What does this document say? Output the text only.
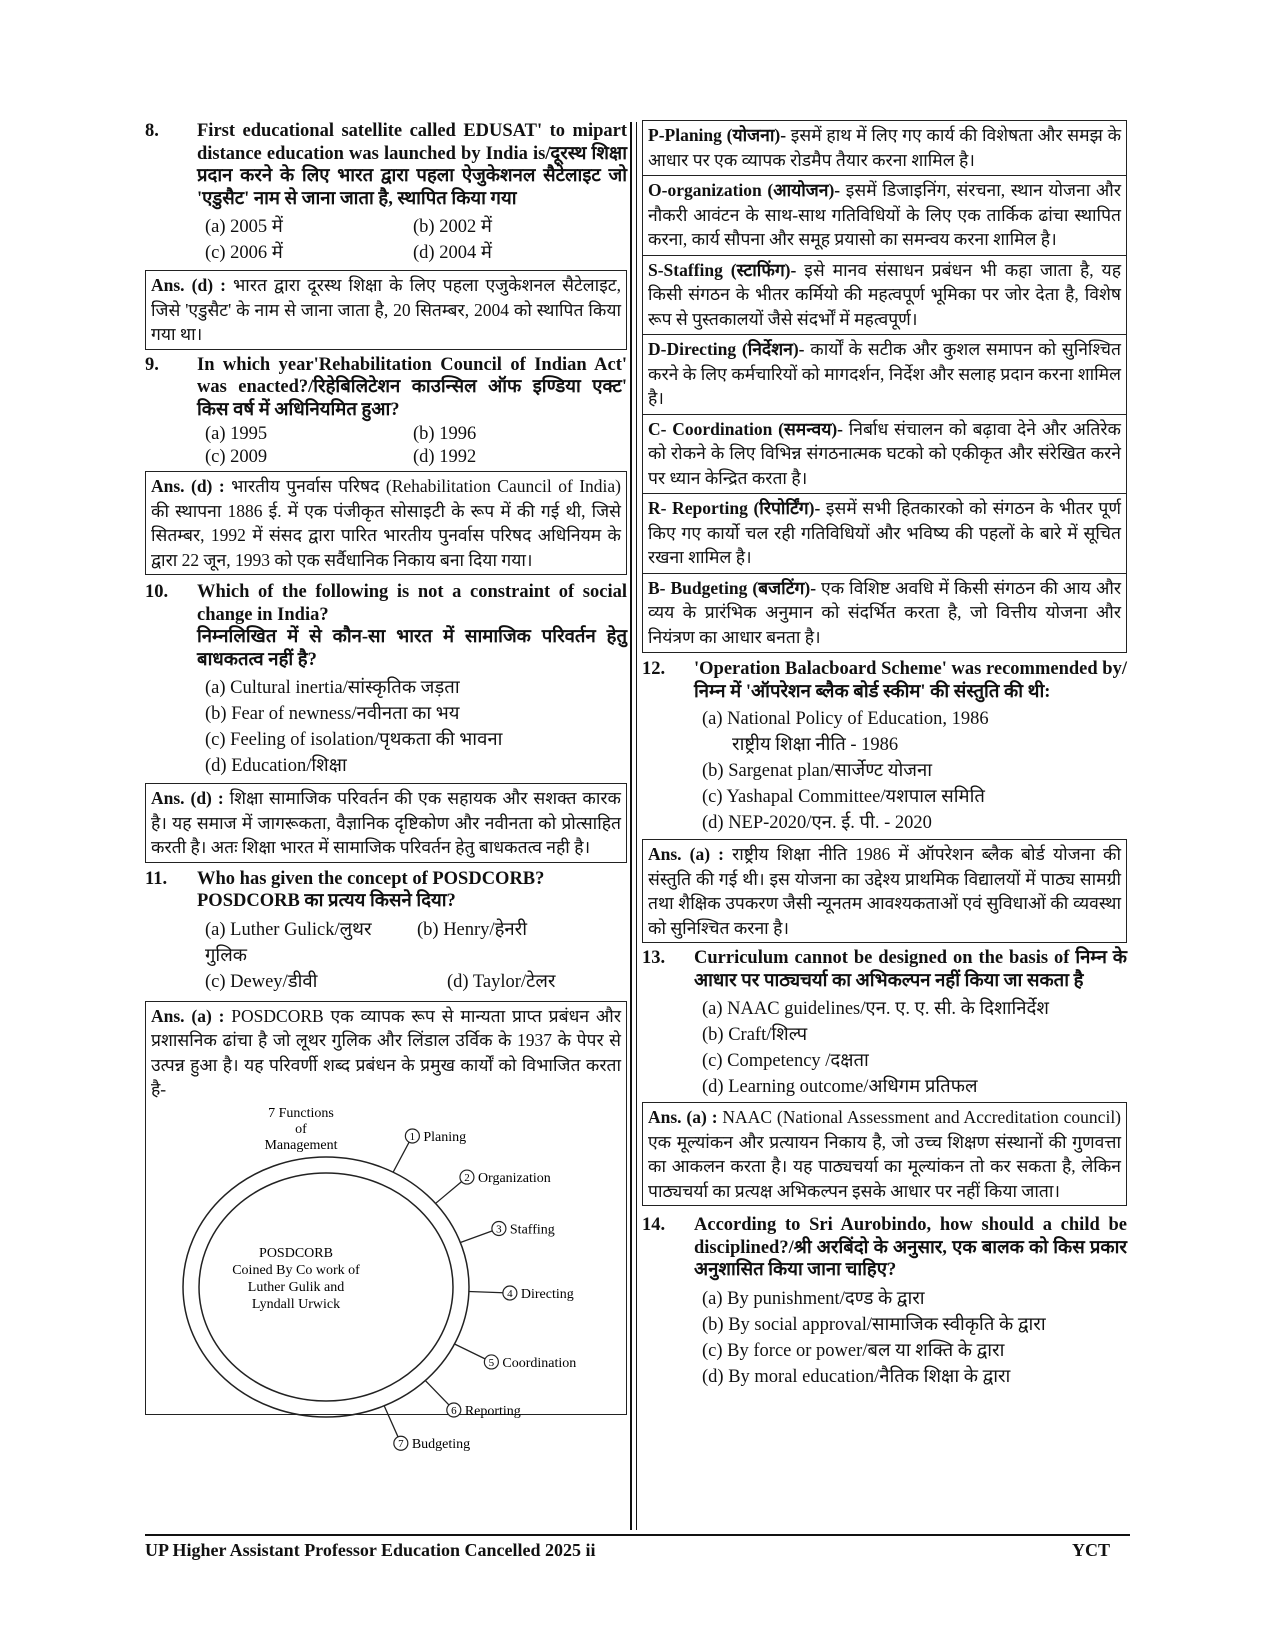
8.	First educational satellite called EDUSAT' to mipart distance education was launched by India is/दूरस्थ शिक्षा प्रदान करने के लिए भारत द्वारा पहला ऐजुकेशनल सैटेलाइट जो 'एडुसैट' नाम से जाना जाता है, स्थापित किया गया
(a) 2005 में	(b) 2002 में
(c) 2006 में	(d) 2004 में
Ans. (d) : भारत द्वारा दूरस्थ शिक्षा के लिए पहला एजुकेशनल सैटेलाइट, जिसे 'एडुसैट' के नाम से जाना जाता है, 20 सितम्बर, 2004 को स्थापित किया गया था।
9.	In which year'Rehabilitation Council of Indian Act' was enacted?/रिहेबिलिटेशन काउन्सिल ऑफ इण्डिया एक्ट' किस वर्ष में अधिनियमित हुआ?
(a) 1995	(b) 1996
(c) 2009	(d) 1992
Ans. (d) : भारतीय पुनर्वास परिषद (Rehabilitation Cauncil of India) की स्थापना 1886 ई. में एक पंजीकृत सोसाइटी के रूप में की गई थी, जिसे सितम्बर, 1992 में संसद द्वारा पारित भारतीय पुनर्वास परिषद अधिनियम के द्वारा 22 जून, 1993 को एक सर्वैधानिक निकाय बना दिया गया।
10.	Which of the following is not a constraint of social change in India?
निम्नलिखित में से कौन-सा भारत में सामाजिक परिवर्तन हेतु बाधकतत्व नहीं है?
(a) Cultural inertia/सांस्कृतिक जड़ता
(b) Fear of newness/नवीनता का भय
(c) Feeling of isolation/पृथकता की भावना
(d) Education/शिक्षा
Ans. (d) : शिक्षा सामाजिक परिवर्तन की एक सहायक और सशक्त कारक है। यह समाज में जागरूकता, वैज्ञानिक दृष्टिकोण और नवीनता को प्रोत्साहित करती है। अतः शिक्षा भारत में सामाजिक परिवर्तन हेतु बाधकतत्व नही है।
11.	Who has given the concept of POSDCORB?
POSDCORB का प्रत्यय किसने दिया?
(a) Luther Gulick/लुथर गुलिक
(b) Henry/हेनरी
(c) Dewey/डीवी	(d) Taylor/टेलर
Ans. (a) : POSDCORB एक व्यापक रूप से मान्यता प्राप्त प्रबंधन और प्रशासनिक ढांचा है जो लूथर गुलिक और लिंडाल उर्विक के 1937 के पेपर से उत्पन्न हुआ है। यह परिवर्णी शब्द प्रबंधन के प्रमुख कार्यों को विभाजित करता है-
7 Functions
of
Management
POSDCORB
Coined By Co work of
Luther Gulik and
Lyndall Urwick
1 Planing
2 Organization
3 Staffing
4 Directing
5 Coordination
6 Reporting
7 Budgeting
P-Planing (योजना)- इसमें हाथ में लिए गए कार्य की विशेषता और समझ के आधार पर एक व्यापक रोडमैप तैयार करना शामिल है।
O-organization (आयोजन)- इसमें डिजाइनिंग, संरचना, स्थान योजना और नौकरी आवंटन के साथ-साथ गतिविधियों के लिए एक तार्किक ढांचा स्थापित करना, कार्य सौपना और समूह प्रयासो का समन्वय करना शामिल है।
S-Staffing (स्टाफिंग)- इसे मानव संसाधन प्रबंधन भी कहा जाता है, यह किसी संगठन के भीतर कर्मियो की महत्वपूर्ण भूमिका पर जोर देता है, विशेष रूप से पुस्तकालयों जैसे संदर्भों में महत्वपूर्ण।
D-Directing (निर्देशन)- कार्यों के सटीक और कुशल समापन को सुनिश्चित करने के लिए कर्मचारियों को मागदर्शन, निर्देश और सलाह प्रदान करना शामिल है।
C- Coordination (समन्वय)- निर्बाध संचालन को बढ़ावा देने और अतिरेक को रोकने के लिए विभिन्न संगठनात्मक घटको को एकीकृत और संरेखित करने पर ध्यान केन्द्रित करता है।
R- Reporting (रिपोर्टिंग)- इसमें सभी हितकारको को संगठन के भीतर पूर्ण किए गए कार्यो चल रही गतिविधियों और भविष्य की पहलों के बारे में सूचित रखना शामिल है।
B- Budgeting (बजटिंग)- एक विशिष्ट अवधि में किसी संगठन की आय और व्यय के प्रारंभिक अनुमान को संदर्भित करता है, जो वित्तीय योजना और नियंत्रण का आधार बनता है।
12.	'Operation Balacboard Scheme' was recommended by/निम्न में 'ऑपरेशन ब्लैक बोर्ड स्कीम' की संस्तुति की थी:
(a) National Policy of Education, 1986
राष्ट्रीय शिक्षा नीति - 1986
(b) Sargenat plan/सार्जेण्ट योजना
(c) Yashapal Committee/यशपाल समिति
(d) NEP-2020/एन. ई. पी. - 2020
Ans. (a) : राष्ट्रीय शिक्षा नीति 1986 में ऑपरेशन ब्लैक बोर्ड योजना की संस्तुति की गई थी। इस योजना का उद्देश्य प्राथमिक विद्यालयों में पाठ्य सामग्री तथा शैक्षिक उपकरण जैसी न्यूनतम आवश्यकताओं एवं सुविधाओं की व्यवस्था को सुनिश्चित करना है।
13.	Curriculum cannot be designed on the basis of निम्न के आधार पर पाठ्यचर्या का अभिकल्पन नहीं किया जा सकता है
(a) NAAC guidelines/एन. ए. ए. सी. के दिशानिर्देश
(b) Craft/शिल्प
(c) Competency /दक्षता
(d) Learning outcome/अधिगम प्रतिफल
Ans. (a) : NAAC (National Assessment and Accreditation council) एक मूल्यांकन और प्रत्यायन निकाय है, जो उच्च शिक्षण संस्थानों की गुणवत्ता का आकलन करता है। यह पाठ्यचर्या का मूल्यांकन तो कर सकता है, लेकिन पाठ्यचर्या का प्रत्यक्ष अभिकल्पन इसके आधार पर नहीं किया जाता।
14.	According to Sri Aurobindo, how should a child be disciplined?/श्री अरबिंदो के अनुसार, एक बालक को किस प्रकार अनुशासित किया जाना चाहिए?
(a) By punishment/दण्ड के द्वारा
(b) By social approval/सामाजिक स्वीकृति के द्वारा
(c) By force or power/बल या शक्ति के द्वारा
(d) By moral education/नैतिक शिक्षा के द्वारा
UP Higher Assistant Professor Education Cancelled 2025 ii	YCT
